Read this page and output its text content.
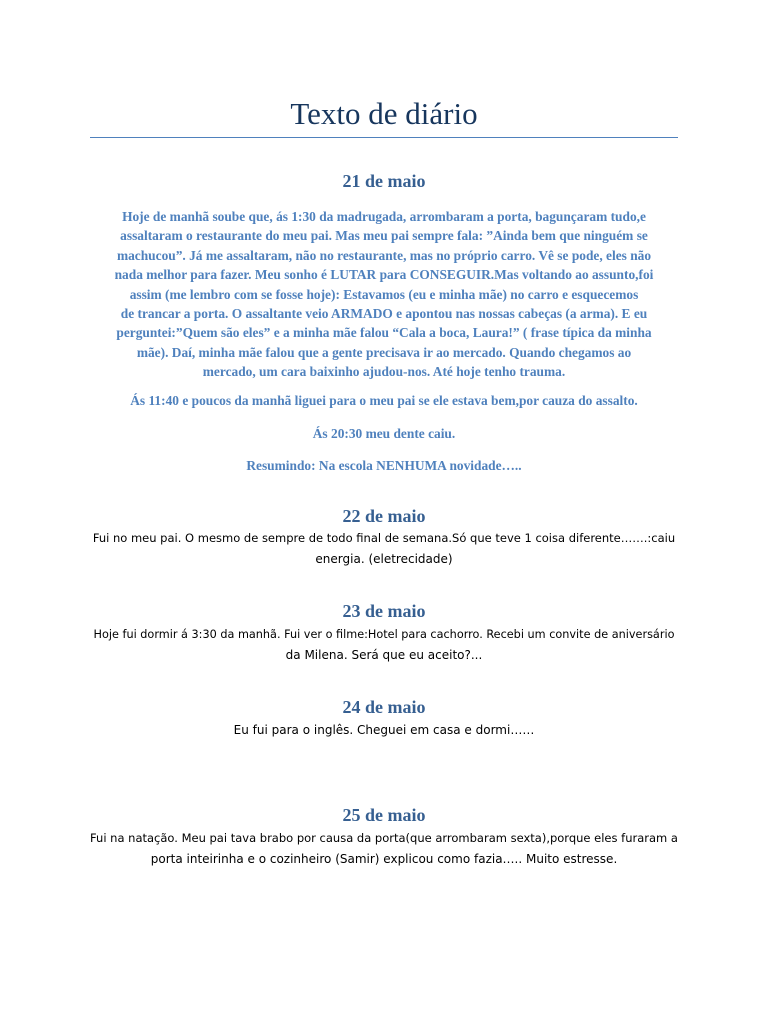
Texto de diário
21 de maio
Hoje de manhã soube que, ás 1:30 da madrugada, arrombaram a porta, bagunçaram tudo,e
assaltaram o restaurante do meu pai. Mas meu pai sempre fala: ”Ainda bem que ninguém se
machucou”. Já me assaltaram, não no restaurante, mas no próprio carro. Vê se pode, eles não
nada melhor para fazer. Meu sonho é LUTAR para CONSEGUIR.Mas voltando ao assunto,foi
assim (me lembro com se fosse hoje): Estavamos (eu e minha mãe) no carro e esquecemos
de trancar a porta. O assaltante veio ARMADO e apontou nas nossas cabeças (a arma). E eu
perguntei:”Quem são eles” e a minha mãe falou “Cala a boca, Laura!” ( frase típica da minha
mãe). Daí, minha mãe falou que a gente precisava ir ao mercado. Quando chegamos ao
mercado, um cara baixinho ajudou-nos. Até hoje tenho trauma.
Ás 11:40 e poucos da manhã liguei para o meu pai se ele estava bem,por cauza do assalto.
Ás 20:30 meu dente caiu.
Resumindo: Na escola NENHUMA novidade…..
22 de maio
Fui no meu pai. O mesmo de sempre de todo final de semana.Só que teve 1 coisa diferente…….:caiu
energia. (eletrecidade)
23 de maio
Hoje fui dormir á 3:30 da manhã. Fui ver o filme:Hotel para cachorro. Recebi um convite de aniversário
da Milena. Será que eu aceito?...
24 de maio
Eu fui para o inglês. Cheguei em casa e dormi……
25 de maio
Fui na natação. Meu pai tava brabo por causa da porta(que arrombaram sexta),porque eles furaram a
porta inteirinha e o cozinheiro (Samir) explicou como fazia….. Muito estresse.
